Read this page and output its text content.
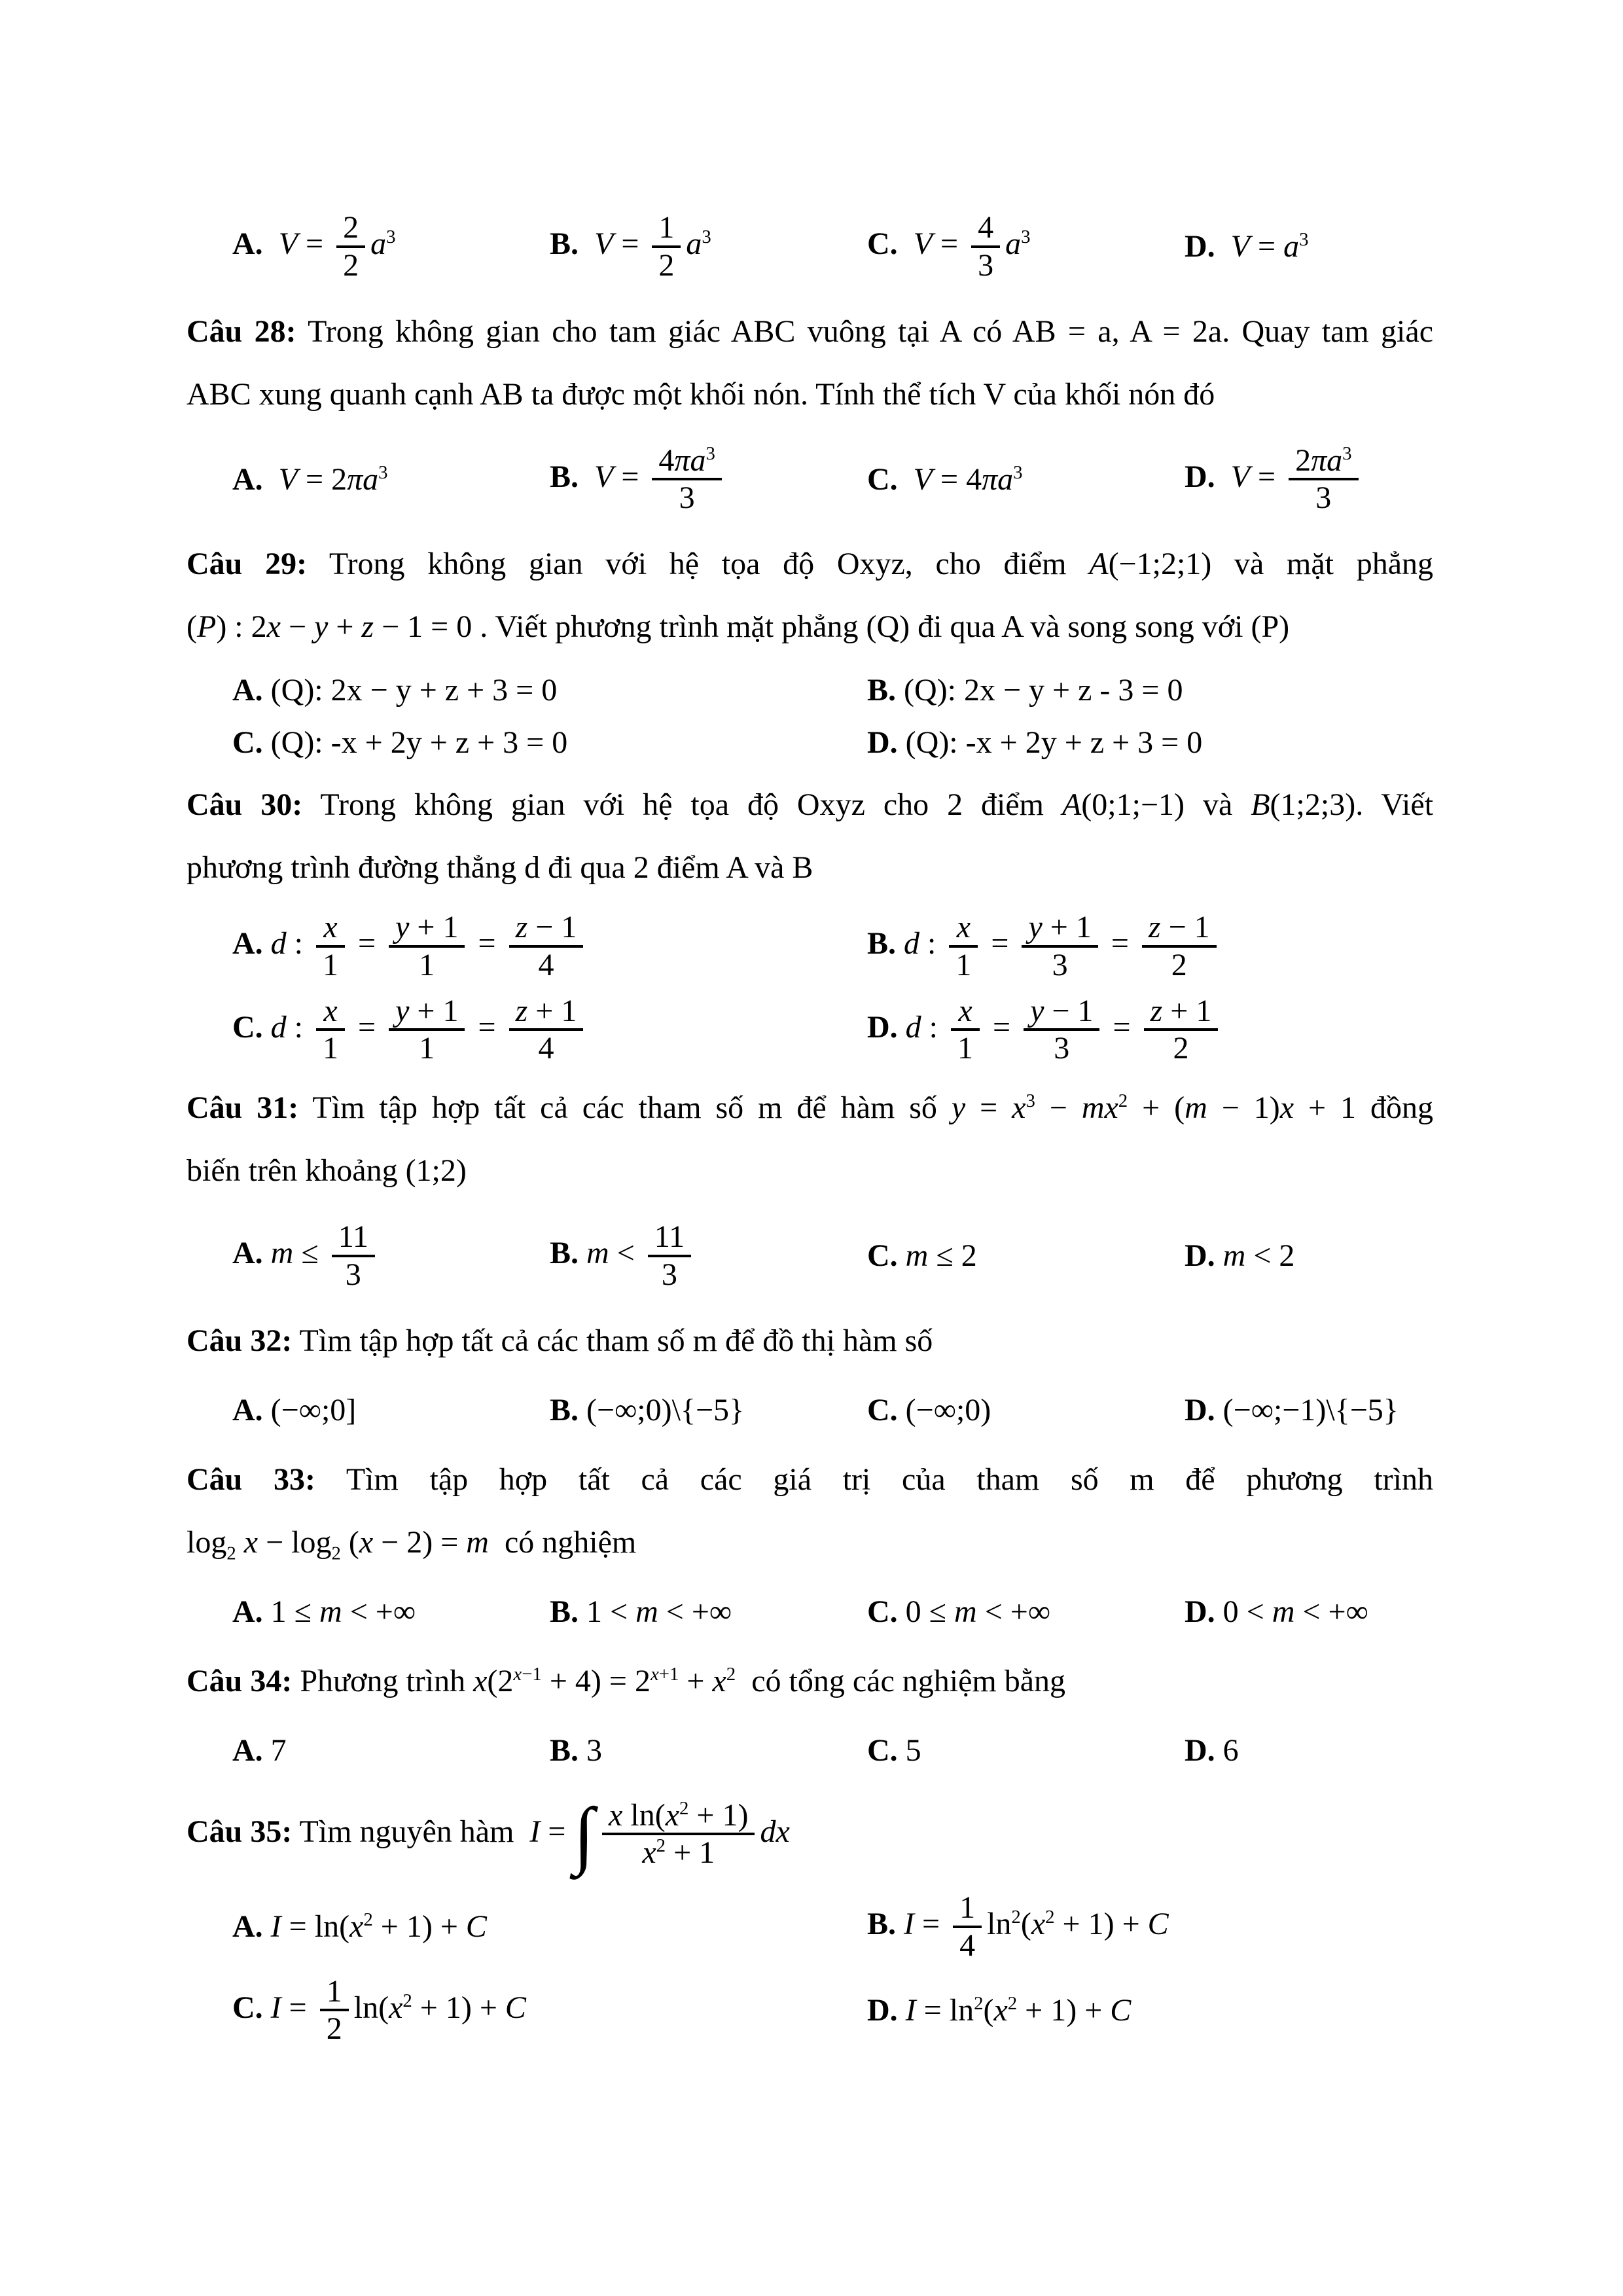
A. $V = \frac{2}{2} a^3$	B. $V = \frac{1}{2} a^3$	C. $V = \frac{4}{3} a^3$	D. $V = a^3$
Câu 28: Trong không gian cho tam giác ABC vuông tại A có AB = a, A = 2a. Quay tam giác
ABC xung quanh cạnh AB ta được một khối nón. Tính thể tích V của khối nón đó
A. $V = 2\pi a^3$	B. $V = \frac{4\pi a^3}{3}$	C. $V = 4\pi a^3$	D. $V = \frac{2\pi a^3}{3}$
Câu 29: Trong không gian với hệ tọa độ Oxyz, cho điểm A(−1;2;1) và mặt phẳng
(P) : 2x − y + z − 1 = 0 . Viết phương trình mặt phẳng (Q) đi qua A và song song với (P)
A. (Q): 2x − y + z + 3 = 0	B. (Q): 2x − y + z - 3 = 0
C. (Q): -x + 2y + z + 3 = 0	D. (Q): -x + 2y + z + 3 = 0
Câu 30: Trong không gian với hệ tọa độ Oxyz cho 2 điểm A(0;1;−1) và B(1;2;3). Viết
phương trình đường thẳng d đi qua 2 điểm A và B
A. d : $\frac{x}{1} = \frac{y + 1}{1} = \frac{z - 1}{4}$	B. d : $\frac{x}{1} = \frac{y + 1}{3} = \frac{z - 1}{2}$
C. d : $\frac{x}{1} = \frac{y + 1}{1} = \frac{z + 1}{4}$	D. d : $\frac{x}{1} = \frac{y - 1}{3} = \frac{z + 1}{2}$
Câu 31: Tìm tập hợp tất cả các tham số m để hàm số $y = x^3 - mx^2 + (m - 1)x + 1$ đồng
biến trên khoảng (1;2)
A. $m \le \frac{11}{3}$	B. $m < \frac{11}{3}$	C. m ≤ 2	D. m < 2
Câu 32: Tìm tập hợp tất cả các tham số m để đồ thị hàm số
A. (−∞;0]	B. (−∞;0)\{−5}	C. (−∞;0)	D. (−∞;−1)\{−5}
Câu 33: Tìm tập hợp tất cả các giá trị của tham số m để phương trình
$\log_2 x - \log_2 (x - 2) = m$  có nghiệm
A. 1 ≤ m < +∞	B. 1 < m < +∞	C. 0 ≤ m < +∞	D. 0 < m < +∞
Câu 34: Phương trình $x(2^{x-1} + 4) = 2^{x+1} + x^2$  có tổng các nghiệm bằng
A. 7	B. 3	C. 5	D. 6
Câu 35: Tìm nguyên hàm  I = ∫ $\frac{x \ln(x^2 + 1)}{x^2 + 1}$ dx
A. $I = \ln(x^2 + 1) + C$	B. $I = \frac{1}{4} \ln^2(x^2 + 1) + C$
C. $I = \frac{1}{2} \ln(x^2 + 1) + C$	D. $I = \ln^2(x^2 + 1) + C$
